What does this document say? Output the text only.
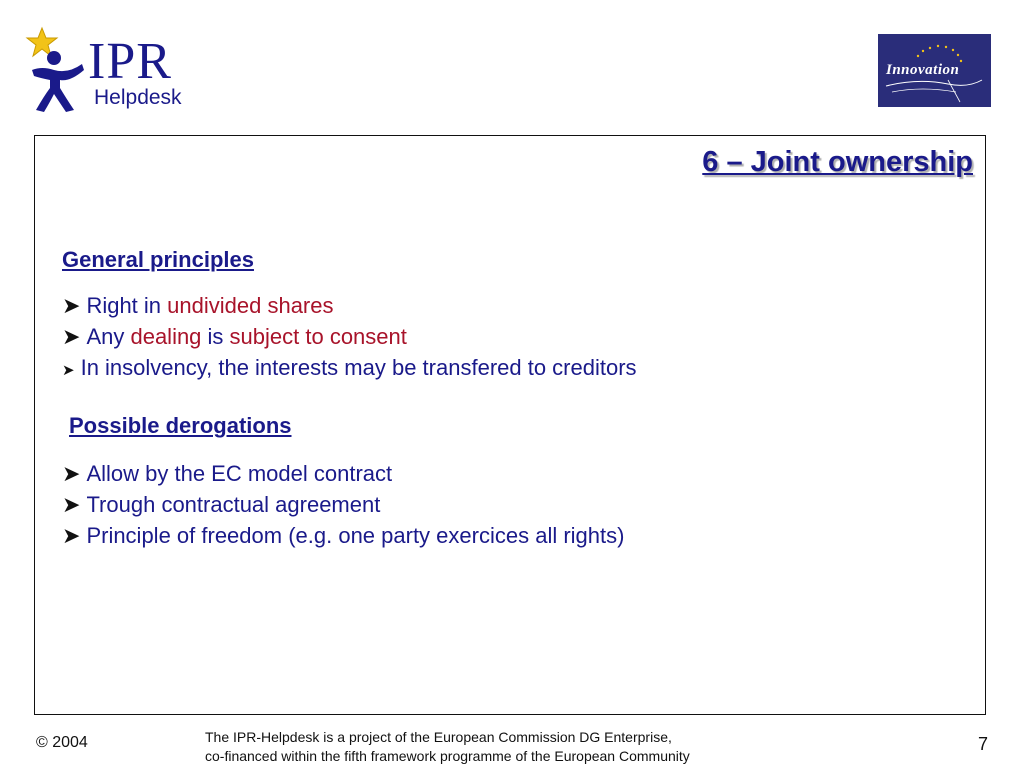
IPR
Helpdesk
Innovation
6 – Joint ownership
General principles
➤ Right in undivided shares
➤ Any dealing is subject to consent
➤ In insolvency, the interests may be transfered to creditors
Possible derogations
➤ Allow by the EC model contract
➤ Trough contractual agreement
➤ Principle of freedom (e.g. one party exercices all rights)
© 2004	The IPR-Helpdesk is a project of the European Commission DG Enterprise,
co-financed within the fifth framework programme of the European Community
7
